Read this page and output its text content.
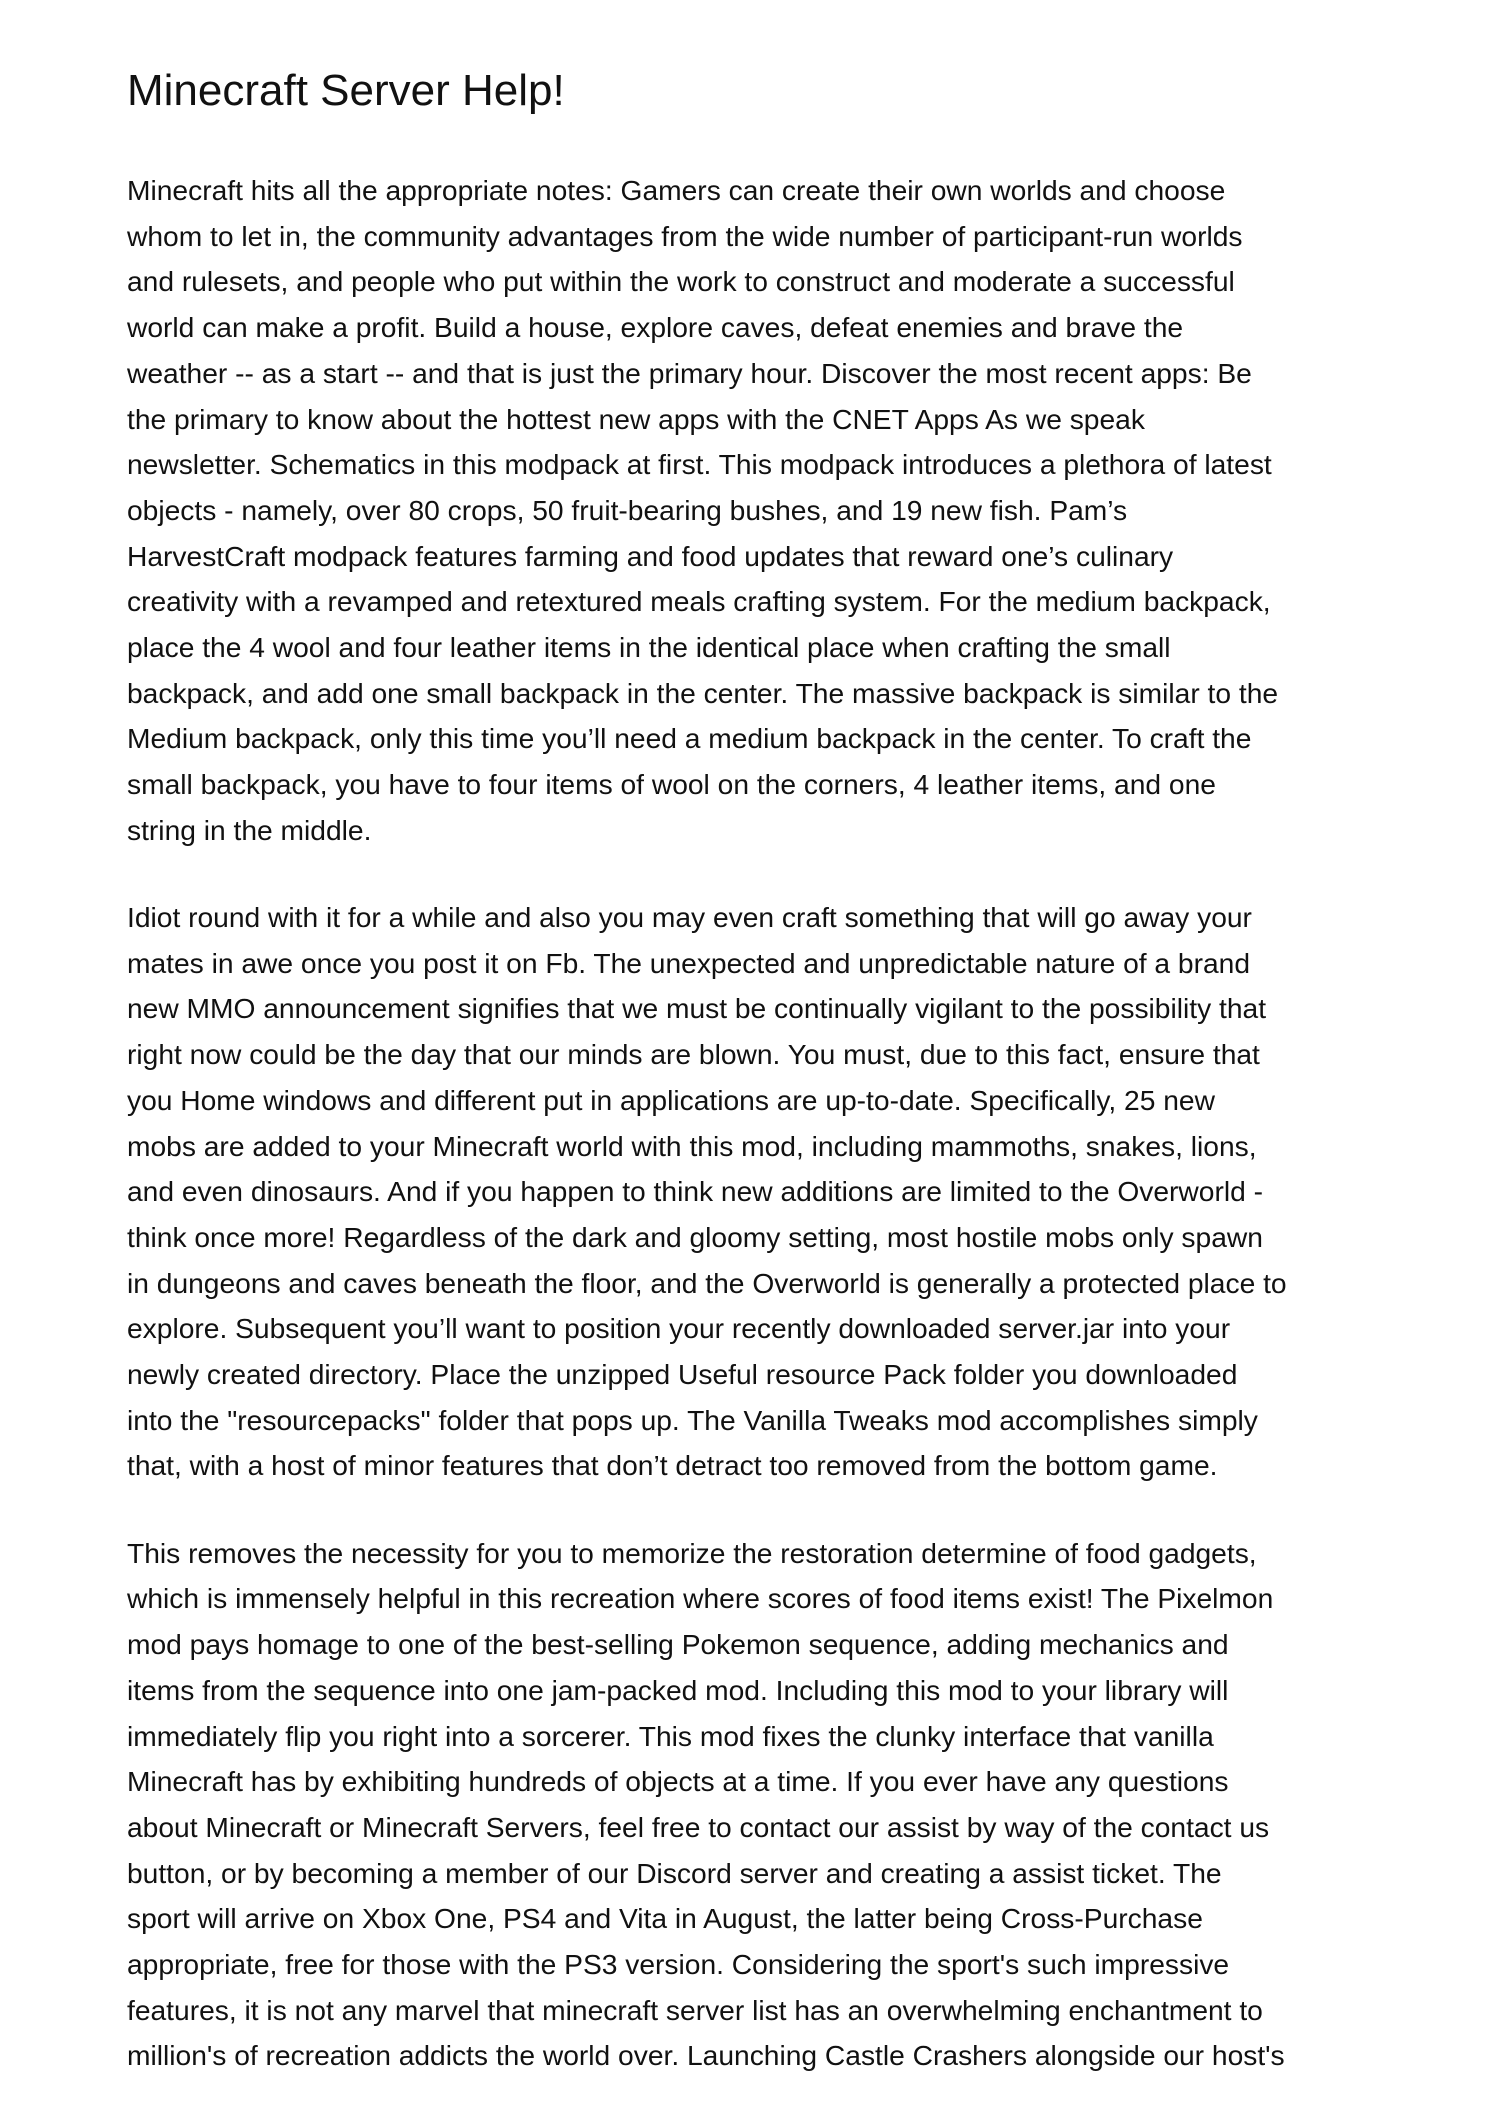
Minecraft Server Help!

Minecraft hits all the appropriate notes: Gamers can create their own worlds and choose
whom to let in, the community advantages from the wide number of participant-run worlds
and rulesets, and people who put within the work to construct and moderate a successful
world can make a profit. Build a house, explore caves, defeat enemies and brave the
weather -- as a start -- and that is just the primary hour. Discover the most recent apps: Be
the primary to know about the hottest new apps with the CNET Apps As we speak
newsletter. Schematics in this modpack at first. This modpack introduces a plethora of latest
objects - namely, over 80 crops, 50 fruit-bearing bushes, and 19 new fish. Pam’s
HarvestCraft modpack features farming and food updates that reward one’s culinary
creativity with a revamped and retextured meals crafting system. For the medium backpack,
place the 4 wool and four leather items in the identical place when crafting the small
backpack, and add one small backpack in the center. The massive backpack is similar to the
Medium backpack, only this time you’ll need a medium backpack in the center. To craft the
small backpack, you have to four items of wool on the corners, 4 leather items, and one
string in the middle.

Idiot round with it for a while and also you may even craft something that will go away your
mates in awe once you post it on Fb. The unexpected and unpredictable nature of a brand
new MMO announcement signifies that we must be continually vigilant to the possibility that
right now could be the day that our minds are blown. You must, due to this fact, ensure that
you Home windows and different put in applications are up-to-date. Specifically, 25 new
mobs are added to your Minecraft world with this mod, including mammoths, snakes, lions,
and even dinosaurs. And if you happen to think new additions are limited to the Overworld -
think once more! Regardless of the dark and gloomy setting, most hostile mobs only spawn
in dungeons and caves beneath the floor, and the Overworld is generally a protected place to
explore. Subsequent you’ll want to position your recently downloaded server.jar into your
newly created directory. Place the unzipped Useful resource Pack folder you downloaded
into the "resourcepacks" folder that pops up. The Vanilla Tweaks mod accomplishes simply
that, with a host of minor features that don’t detract too removed from the bottom game.

This removes the necessity for you to memorize the restoration determine of food gadgets,
which is immensely helpful in this recreation where scores of food items exist! The Pixelmon
mod pays homage to one of the best-selling Pokemon sequence, adding mechanics and
items from the sequence into one jam-packed mod. Including this mod to your library will
immediately flip you right into a sorcerer. This mod fixes the clunky interface that vanilla
Minecraft has by exhibiting hundreds of objects at a time. If you ever have any questions
about Minecraft or Minecraft Servers, feel free to contact our assist by way of the contact us
button, or by becoming a member of our Discord server and creating a assist ticket. The
sport will arrive on Xbox One, PS4 and Vita in August, the latter being Cross-Purchase
appropriate, free for those with the PS3 version. Considering the sport's such impressive
features, it is not any marvel that minecraft server list has an overwhelming enchantment to
million's of recreation addicts the world over. Launching Castle Crashers alongside our host's
